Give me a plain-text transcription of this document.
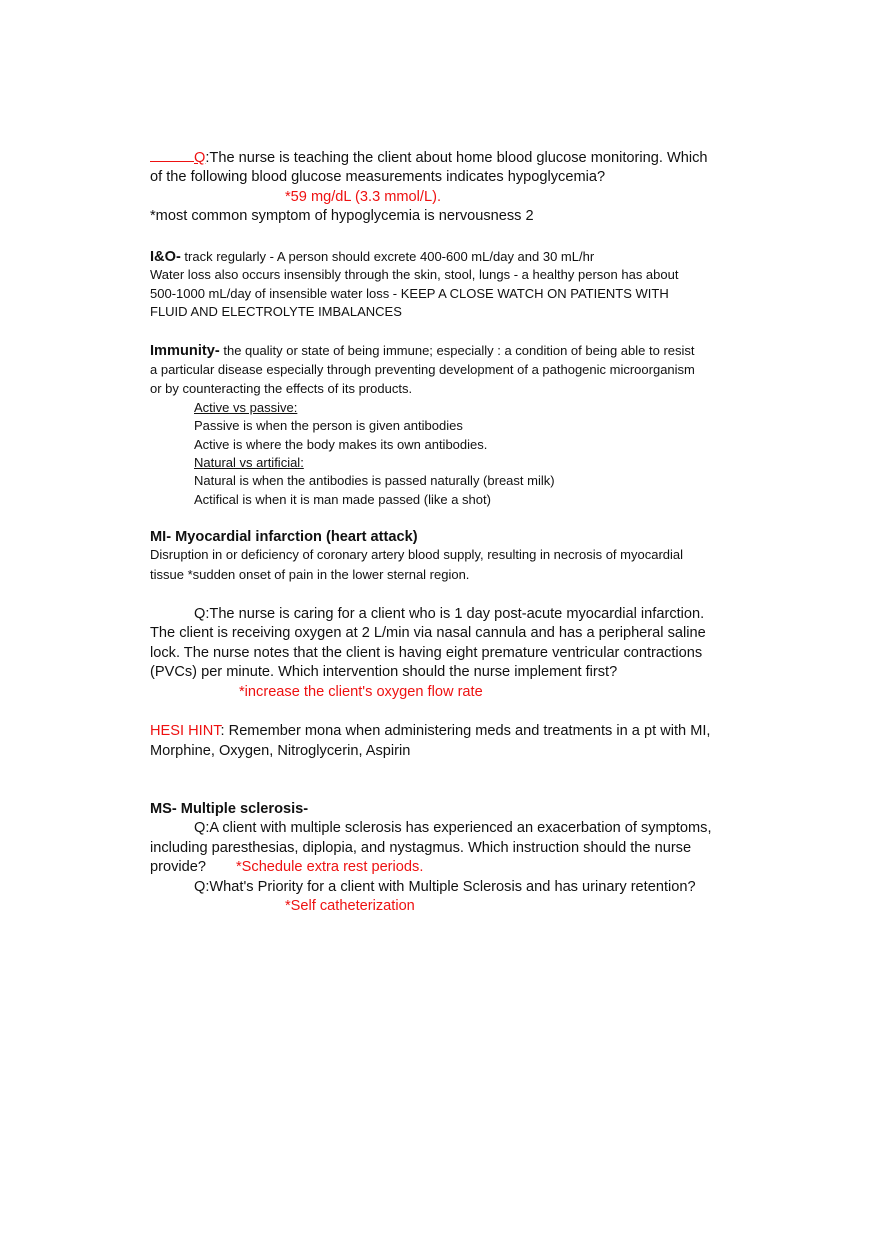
Q:The nurse is teaching the client about home blood glucose monitoring. Which
of the following blood glucose measurements indicates hypoglycemia?
*59 mg/dL (3.3 mmol/L).
*most common symptom of hypoglycemia is nervousness 2
I&O- track regularly - A person should excrete 400-600 mL/day and 30 mL/hr
Water loss also occurs insensibly through the skin, stool, lungs - a healthy person has about
500-1000 mL/day of insensible water loss - KEEP A CLOSE WATCH ON PATIENTS WITH
FLUID AND ELECTROLYTE IMBALANCES
Immunity- the quality or state of being immune; especially : a condition of being able to resist
a particular disease especially through preventing development of a pathogenic microorganism
or by counteracting the effects of its products.
Active vs passive:
Passive is when the person is given antibodies
Active is where the body makes its own antibodies.
Natural vs artificial:
Natural is when the antibodies is passed naturally (breast milk)
Actifical is when it is man made passed (like a shot)
MI- Myocardial infarction (heart attack)
Disruption in or deficiency of coronary artery blood supply, resulting in necrosis of myocardial
tissue *sudden onset of pain in the lower sternal region.
Q:The nurse is caring for a client who is 1 day post-acute myocardial infarction.
The client is receiving oxygen at 2 L/min via nasal cannula and has a peripheral saline
lock. The nurse notes that the client is having eight premature ventricular contractions
(PVCs) per minute. Which intervention should the nurse implement first?
*increase the client's oxygen flow rate
HESI HINT: Remember mona when administering meds and treatments in a pt with MI,
Morphine, Oxygen, Nitroglycerin, Aspirin
MS- Multiple sclerosis-
Q:A client with multiple sclerosis has experienced an exacerbation of symptoms,
including paresthesias, diplopia, and nystagmus. Which instruction should the nurse
provide? *Schedule extra rest periods.
Q:What's Priority for a client with Multiple Sclerosis and has urinary retention?
*Self catheterization
